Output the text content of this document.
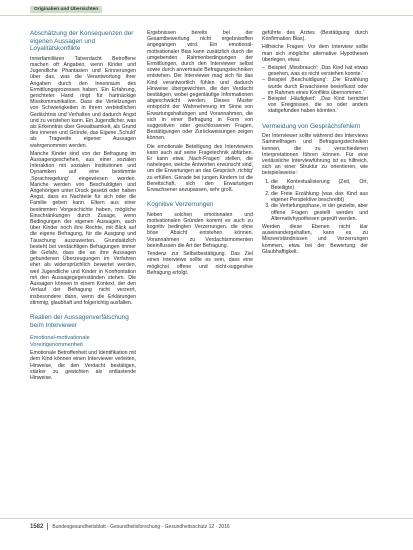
Originalien und Übersichten
Abschätzung der Konsequenzen der eigenen Aussagen und Loyalitätskonflikte

Innerfamiliären Tatverdacht Betroffene machen oft Angaben, wenn Kinder und Jugendliche Phantasien und Erinnerungen über das, was die Verantwortung ihrer Angaben durch den Innenraum des Ermittlungsprozesses haben. Ein Erfahrung, gerichteter Hand ringt für hartnäckige Misskommunikation. Dass die Verletzungen von Schwierigkeiten in ihrem verbindlichen Gedächtnis und Verhalten und dadurch Angst und zu verstehen kann. Ein Jugendlicher, was als Erkenntnis über Gewaltsamkeit, als Grund des inneren und Gründe, das Eigene ‚Schuld' als Tragweite eigener Aussagen wahrgenommen werden.

Manche Kinder sind von der Befragung im Aussagengeschehen, aus einer sozialen Interaktion mit sozialen Institutionen und Dynamiken auf eine bestimmte ‚Sprachregelung' eingewiesen worden. Manche werden von Beschuldigten und Angehörigen unter Druck gesetzt oder haben Angst, dass es Nachteile für sich oder die Familie geben kann. Eltern aus einer bestimmten Vorgeschichte haben, mögliche Einschränkungen durch Zusage, wenn Bedingungen der eigenen Aussagen, auch über Kinder noch ihre Rechte, mit Blick auf die eigene Befragung, für die Ausgang und Täuschung auszuwerten. Grundsätzlich besteht bei verdächtigen Befragungen immer die Gefahr, dass die an ihre Aussagen gebundenen Überzeugungen im Verfahren eher als widersprüchlich bewertet werden, weil Jugendliche und Kinder in Konfrontation mit den Aussagegegenständen stehen. Die Aussagen können in einem Kontext, der den Verlauf der Befragung nicht verzerrt, insbesondere dann, wenn die Erklärungen stimmig, glaubhaft und folgerichtig ausfallen.

Realien der Aussagenverfälschung beim Interviewer
Emotional-motivationale Voreingenommenheit

Emotionale Betroffenheit und Identifikation mit dem Kind können einen Interviewer verleiten, Hinweise, die den Verdacht bestätigen, stärker zu gewichten als entlastende Hinweise.

Ergebnissen bereits bei der Gesamtbewertung nicht ergebnisoffen angegangen wird. Ein emotional-motivationaler Bias kann zusätzlich durch die umgebenden Rahmenbedingungen der Ermittlungen, durch den Interviewer selbst sowie durch anvertraute Befragungstechniken entstehen. Der Interviewer mag sich für das Kind verantwortlich fühlen und dadurch Hinweise übergewichten, die den Verdacht bestätigen, wobei gegenläufige Informationen abgeschwächt werden. Dieses Muster entspricht der Wahrnehmung im Sinne von Erwartungshaltungen und Vorannahmen, die sich in einer Befragung in Form von suggestiven oder geschlossenen Fragen, Bestätigungen oder Zurückweisungen zeigen können.

Die emotionale Beteiligung des Interviewers kann auch auf seine Fragetechnik abfärben. Er kann etwa ‚Nach-Fragen' stellen, die nahelegen, welche Antworten erwünscht sind, um die Erwartungen an das Gespräch ‚richtig' zu erfüllen. Gerade bei jungen Kindern ist die Bereitschaft, sich den Erwartungen Erwachsener anzupassen, sehr groß.

Kognitive Verzerrungen

Neben solchen emotionalen und motivationalen Gründen kommt es auch zu kognitiv bedingten Verzerrungen, die ohne böse Absicht entstehen können. Vorannahmen zu Verdachtsmomenten beeinflussen die Art der Befragung.

Tendenz zur Selbstbestätigung. Das Ziel eines Interviews sollte es sein, dass eine möglichst offene und nicht-suggestive Befragung erfolgt.

geführte des Arztes (Bestätigung durch Konfirmation Bias).

Hilfreiche Fragen: Vor dem Interview sollte man sich mögliche alternative Hypothesen überlegen, etwa:

– Beispiel ‚Missbrauch': ‚Das Kind hat etwas gesehen, was es nicht verstehen konnte.'
– Beispiel ‚Beschuldigung': ‚Die Erzählung wurde durch Erwachsene beeinflusst oder im Rahmen eines Konflikts übernommen.'
– Beispiel ‚Häufigkeit': ‚Das Kind berichtet von Ereignissen, die so oder anders stattgefunden haben könnten.'
Vermeidung von Gesprächsfehlern

Der Interviewer sollte während des Interviews Sammelfragen und Befragungstechniken kennen, die zu verschiedenen Interpretationen führen können. Für eine verlässliche Interviewführung ist es hilfreich, sich an einer Struktur zu orientieren, wie beispielsweise:

1. die Kontextualisierung (Zeit, Ort, Beteiligte)
2. die Freie Erzählung (was das Kind aus eigener Perspektive beschreibt)
3. die Vertiefungsphase, in der gezielte, aber offene Fragen gestellt werden und Alternativhypothesen geprüft werden.

Werden diese Ebenen nicht klar auseinandergehalten, kann es zu Missverständnissen und Verzerrungen kommen, etwa bei der Bewertung der Glaubhaftigkeit.

1582 Bundesgesundheitsblatt - Gesundheitsforschung - Gesundheitsschutz 12 · 2016
